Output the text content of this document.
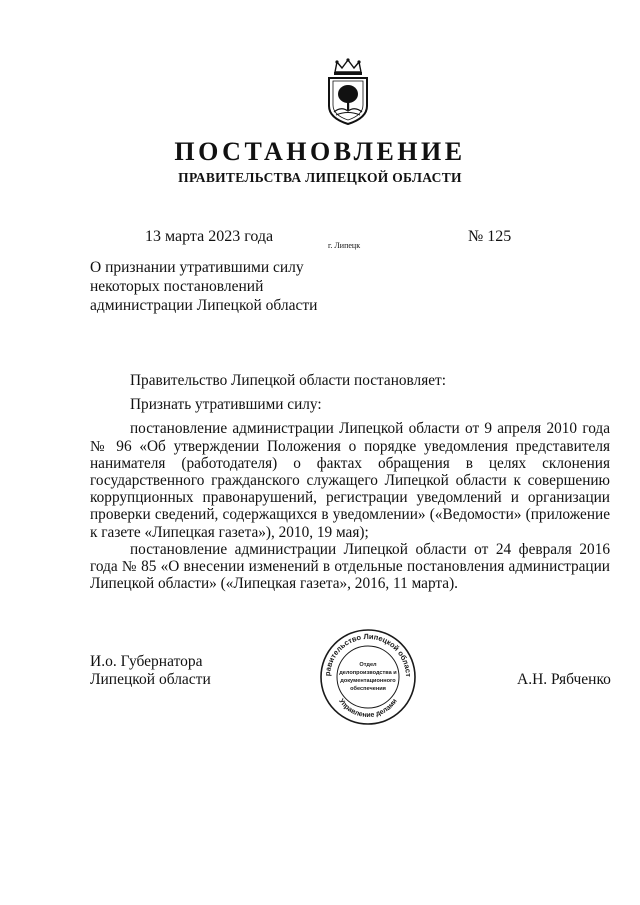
ПОСТАНОВЛЕНИЕ
ПРАВИТЕЛЬСТВА ЛИПЕЦКОЙ ОБЛАСТИ
13 марта 2023 года
г. Липецк
№ 125
О признании утратившими силу
некоторых постановлений
администрации Липецкой области

Правительство Липецкой области постановляет:

Признать утратившими силу:

постановление администрации Липецкой области от 9 апреля 2010 года № 96 «Об утверждении Положения о порядке уведомления представителя нанимателя (работодателя) о фактах обращения в целях склонения государственного гражданского служащего Липецкой области к совершению коррупционных правонарушений, регистрации уведомлений и организации проверки сведений, содержащихся в уведомлении» («Ведомости» (приложение к газете «Липецкая газета»), 2010, 19 мая);

постановление администрации Липецкой области от 24 февраля 2016 года № 85 «О внесении изменений в отдельные постановления администрации Липецкой области» («Липецкая газета», 2016, 11 марта).

И.о. Губернатора
Липецкой области	А.Н. Рябченко
равительство Липецкой област
Управление делами
Отдел
делопроизводства и
документационного
обеспечения
